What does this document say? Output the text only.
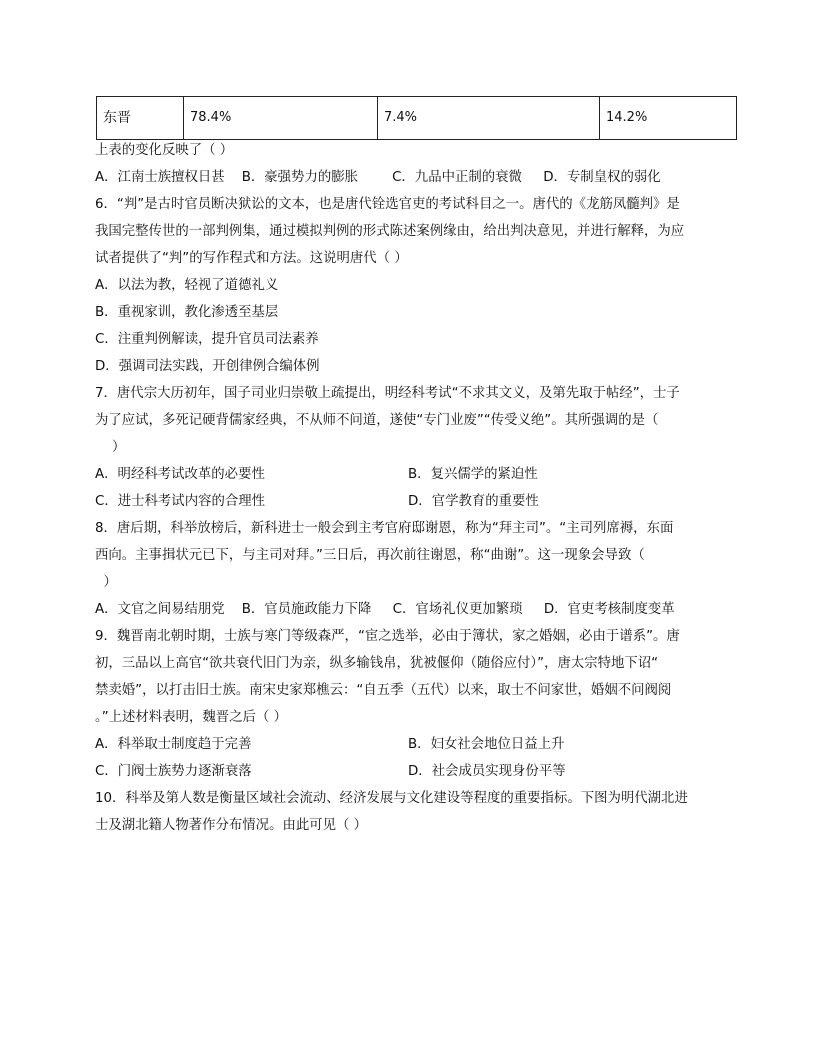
东晋	78.4%	7.4%	14.2%
上表的变化反映了（ ）
A．江南士族擅权日甚    B．豪强势力的膨胀        C．九品中正制的衰微     D．专制皇权的弱化
6．“判”是古时官员断决狱讼的文本，也是唐代铨选官吏的考试科目之一。唐代的《龙筋凤髓判》是
我国完整传世的一部判例集，通过模拟判例的形式陈述案例缘由，给出判决意见，并进行解释，为应
试者提供了“判”的写作程式和方法。这说明唐代（ ）
A．以法为教，轻视了道德礼义
B．重视家训，教化渗透至基层
C．注重判例解读，提升官员司法素养
D．强调司法实践，开创律例合编体例
7．唐代宗大历初年，国子司业归崇敬上疏提出，明经科考试“不求其文义，及第先取于帖经”，士子
为了应试，多死记硬背儒家经典，不从师不问道，遂使“专门业废”“传受义绝”。其所强调的是（
）
A．明经科考试改革的必要性	B．复兴儒学的紧迫性
C．进士科考试内容的合理性	D．官学教育的重要性
8．唐后期，科举放榜后，新科进士一般会到主考官府邸谢恩，称为“拜主司”。“主司列席褥，东面
西向。主事揖状元已下，与主司对拜。”三日后，再次前往谢恩，称“曲谢”。这一现象会导致（
）
A．文官之间易结朋党    B．官员施政能力下降     C．官场礼仪更加繁琐     D．官吏考核制度变革
9．魏晋南北朝时期，士族与寒门等级森严，“宦之选举，必由于簿状，家之婚姻，必由于谱系”。唐
初，三品以上高官“欲共衰代旧门为亲，纵多输钱帛，犹被偃仰（随俗应付）”，唐太宗特地下诏“
禁卖婚”，以打击旧士族。南宋史家郑樵云：“自五季（五代）以来，取士不问家世，婚姻不问阀阅
。”上述材料表明，魏晋之后（ ）
A．科举取士制度趋于完善	B．妇女社会地位日益上升
C．门阀士族势力逐渐衰落	D．社会成员实现身份平等
10．科举及第人数是衡量区域社会流动、经济发展与文化建设等程度的重要指标。下图为明代湖北进
士及湖北籍人物著作分布情况。由此可见（ ）
